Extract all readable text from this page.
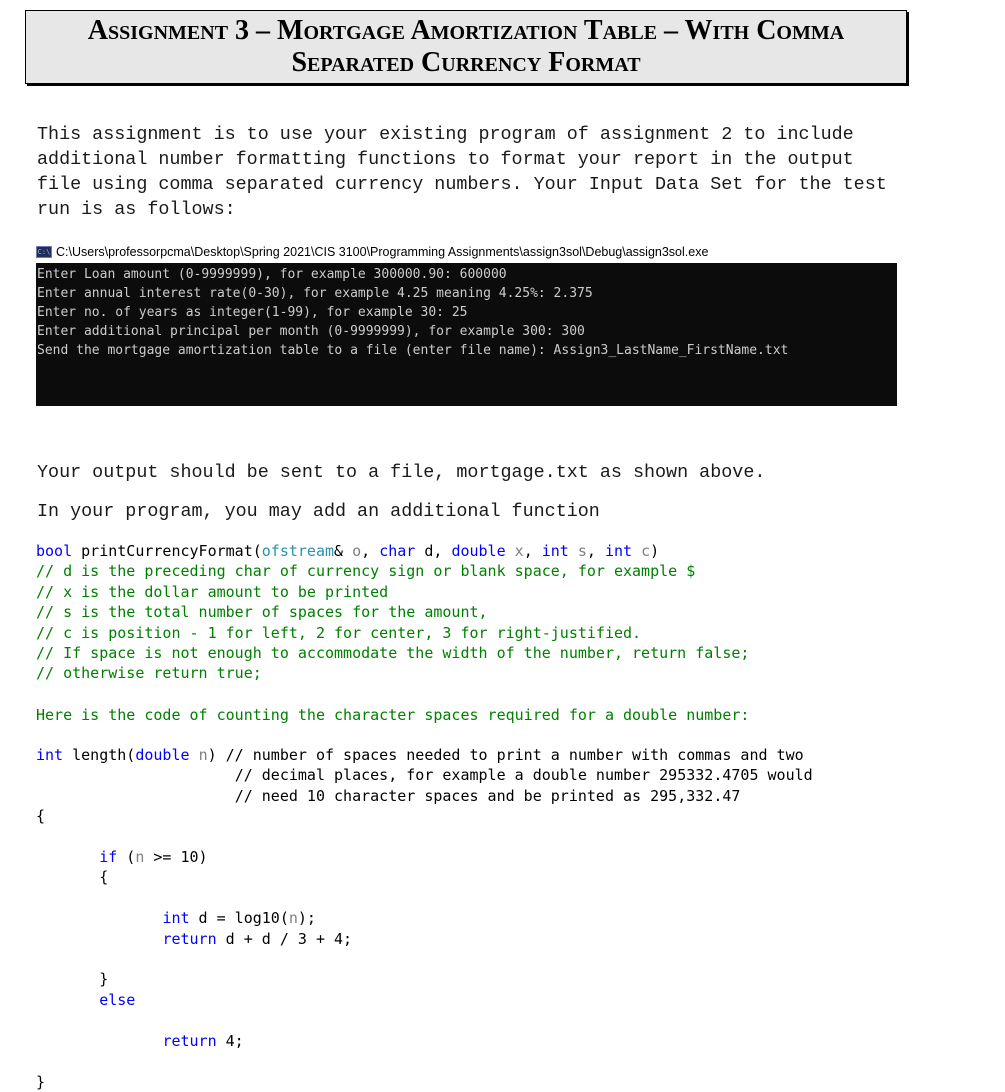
Assignment 3 – Mortgage Amortization Table – With Comma
Separated Currency Format

This assignment is to use your existing program of assignment 2 to include additional number formatting functions to format your report in the output file using comma separated currency numbers. Your Input Data Set for the test run is as follows:

C:\ C:\Users\professorpcma\Desktop\Spring 2021\CIS 3100\Programming Assignments\assign3sol\Debug\assign3sol.exe
Enter Loan amount (0-9999999), for example 300000.90: 600000
Enter annual interest rate(0-30), for example 4.25 meaning 4.25%: 2.375
Enter no. of years as integer(1-99), for example 30: 25
Enter additional principal per month (0-9999999), for example 300: 300
Send the mortgage amortization table to a file (enter file name): Assign3_LastName_FirstName.txt

Your output should be sent to a file, mortgage.txt as shown above.

In your program, you may add an additional function

bool printCurrencyFormat(ofstream& o, char d, double x, int s, int c)
// d is the preceding char of currency sign or blank space, for example $
// x is the dollar amount to be printed
// s is the total number of spaces for the amount,
// c is position - 1 for left, 2 for center, 3 for right-justified.
// If space is not enough to accommodate the width of the number, return false;
// otherwise return true;
Here is the code of counting the character spaces required for a double number:
int length(double n) // number of spaces needed to print a number with commas and two
// decimal places, for example a double number 295332.4705 would
// need 10 character spaces and be printed as 295,332.47
{

if (n >= 10)
{

int d = log10(n);
return d + d / 3 + 4;

}
else

return 4;

}
